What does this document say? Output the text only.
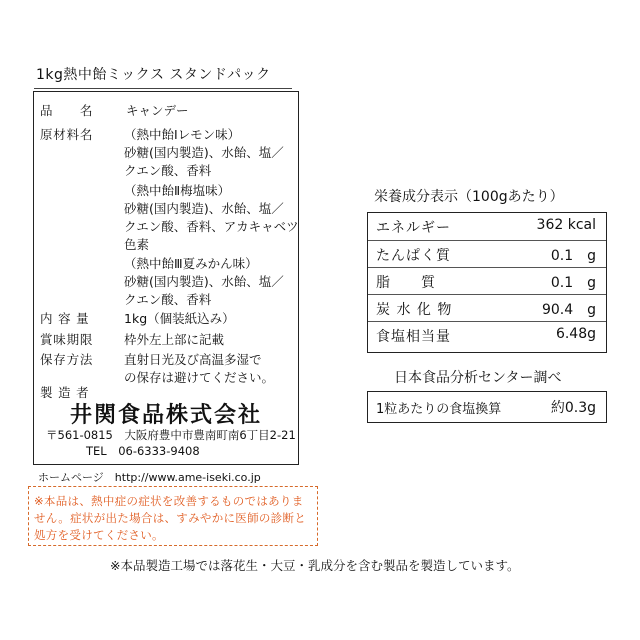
1kg熱中飴ミックス スタンドパック
品　　名	キャンデー
原材料名 （熱中飴Ⅰレモン味）
砂糖(国内製造)、水飴、塩／
クエン酸、香料
（熱中飴Ⅱ梅塩味）
砂糖(国内製造)、水飴、塩／
クエン酸、香料、アカキャベツ
色素
（熱中飴Ⅲ夏みかん味）
砂糖(国内製造)、水飴、塩／
クエン酸、香料
内 容 量	1kg（個装紙込み）
賞味期限 枠外左上部に記載
保存方法 直射日光及び高温多湿で
の保存は避けてください。
製 造 者
井関食品株式会社
〒561-0815　大阪府豊中市豊南町南6丁目2-21
TEL　06-6333-9408
ホームページ　http://www.ame-iseki.co.jp
※本品は、熱中症の症状を改善するものではありません。症状が出た場合は、すみやかに医師の診断と処方を受けてください。
※本品製造工場では落花生・大豆・乳成分を含む製品を製造しています。
栄養成分表示（100gあたり）
エネルギー	362 kcal
たんぱく質	0.1　g
脂　　質	0.1　g
炭 水 化 物	90.4　g
食塩相当量	6.48g
日本食品分析センター調べ
1粒あたりの食塩換算	約0.3g
